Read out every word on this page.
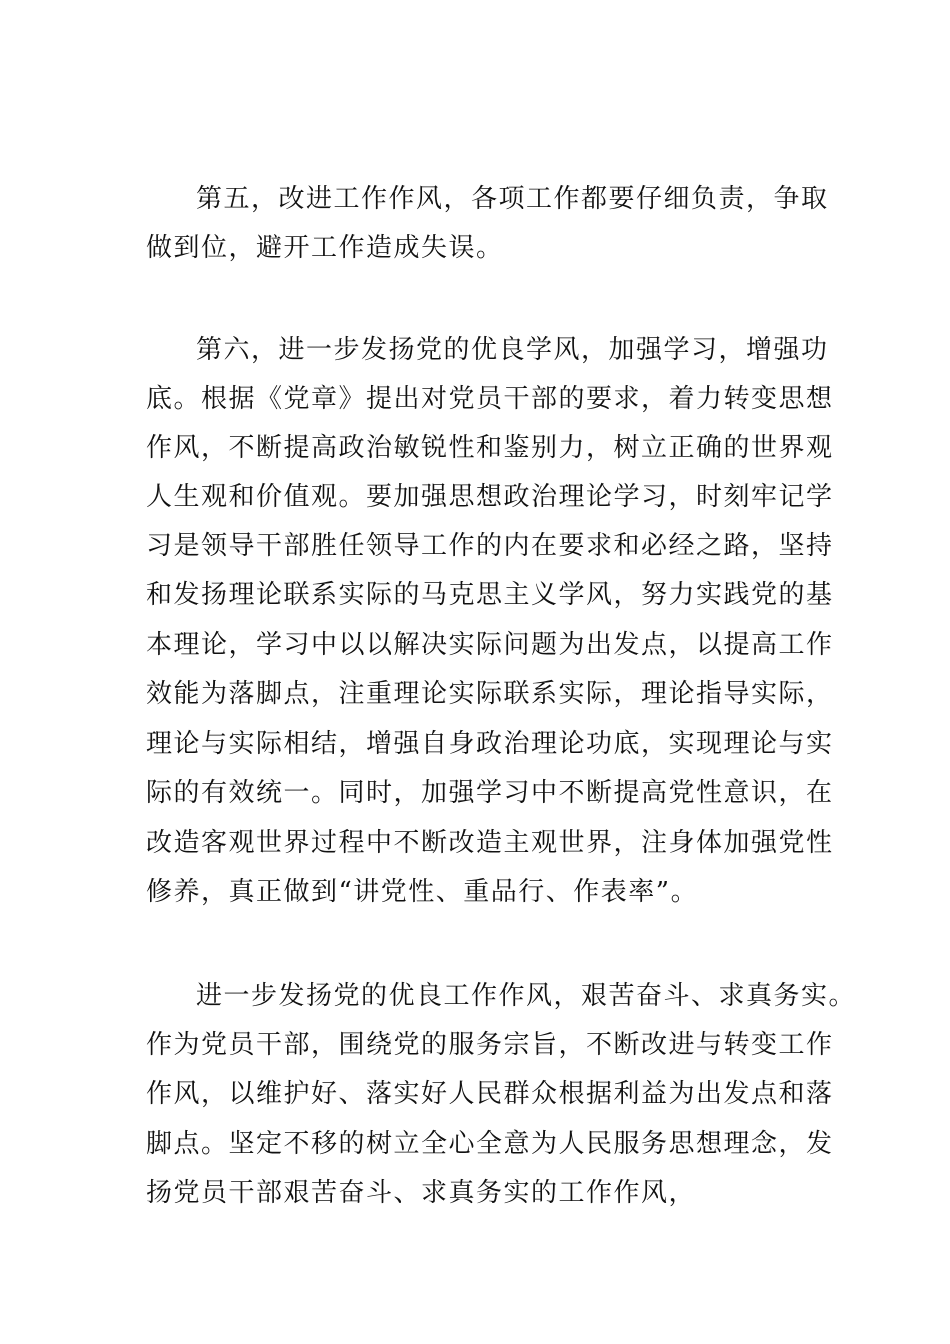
第五，改进工作作风，各项工作都要仔细负责，争取
做到位，避开工作造成失误。
第六，进一步发扬党的优良学风，加强学习，增强功
底。根据《党章》提出对党员干部的要求，着力转变思想
作风，不断提高政治敏锐性和鉴别力，树立正确的世界观
人生观和价值观。要加强思想政治理论学习，时刻牢记学
习是领导干部胜任领导工作的内在要求和必经之路，坚持
和发扬理论联系实际的马克思主义学风，努力实践党的基
本理论，学习中以以解决实际问题为出发点，以提高工作
效能为落脚点，注重理论实际联系实际，理论指导实际，
理论与实际相结，增强自身政治理论功底，实现理论与实
际的有效统一。同时，加强学习中不断提高党性意识，在
改造客观世界过程中不断改造主观世界，注身体加强党性
修养，真正做到“讲党性、重品行、作表率”。
进一步发扬党的优良工作作风，艰苦奋斗、求真务实。
作为党员干部，围绕党的服务宗旨，不断改进与转变工作
作风，以维护好、落实好人民群众根据利益为出发点和落
脚点。坚定不移的树立全心全意为人民服务思想理念，发
扬党员干部艰苦奋斗、求真务实的工作作风，
